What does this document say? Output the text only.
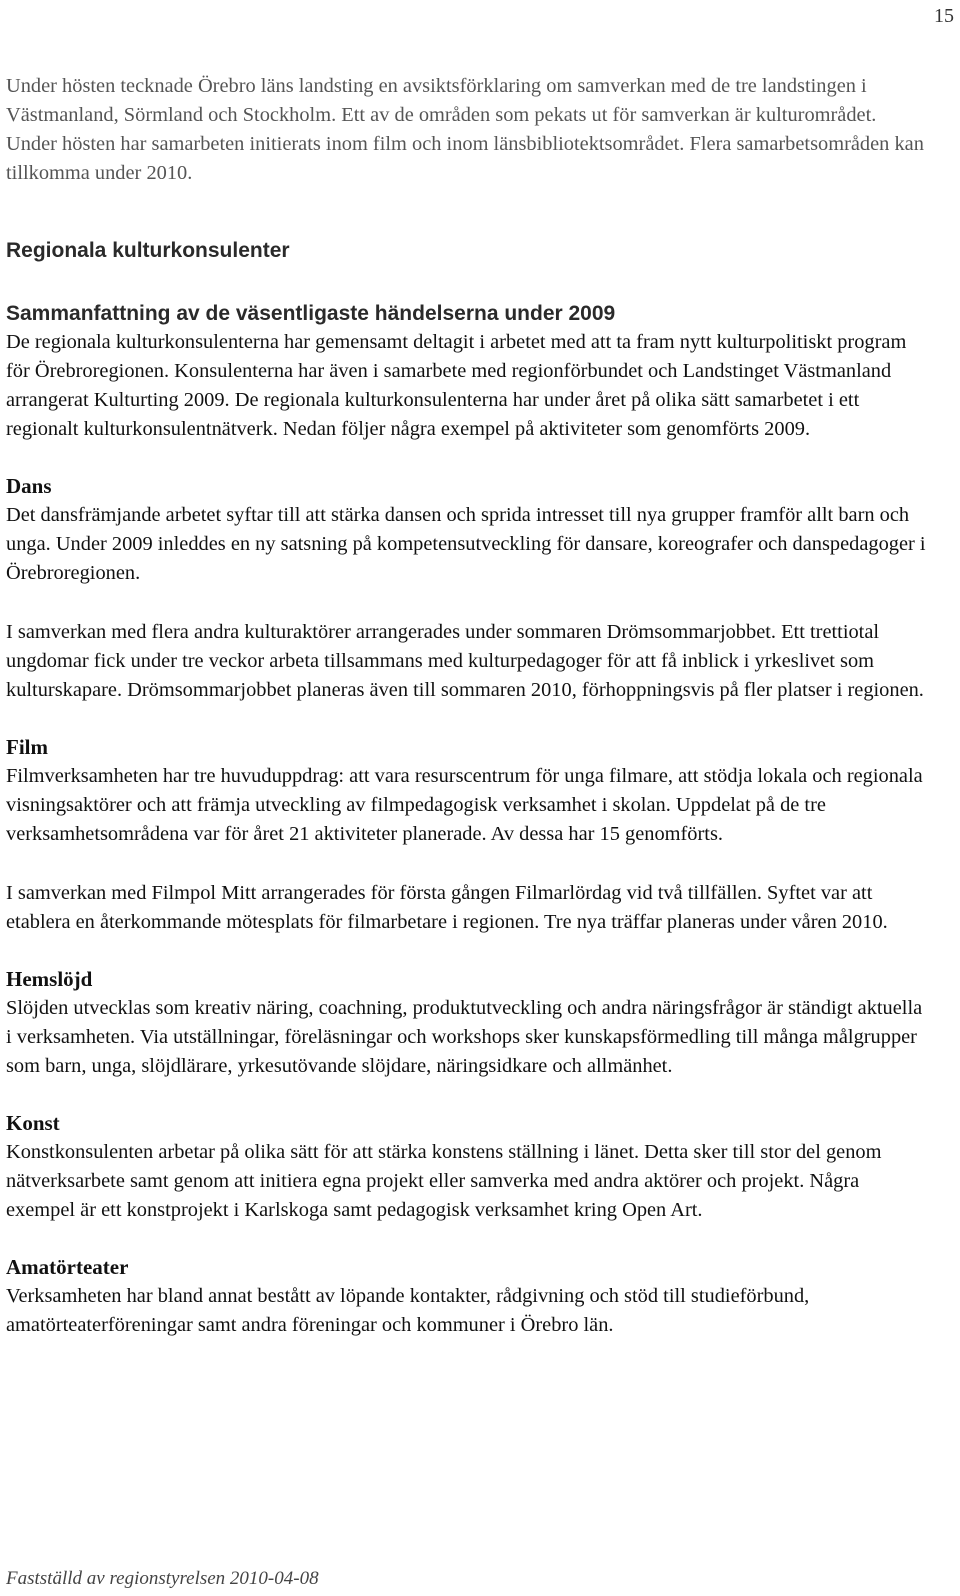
15

Under hösten tecknade Örebro läns landsting en avsiktsförklaring om samverkan med de tre landstingen i Västmanland, Sörmland och Stockholm. Ett av de områden som pekats ut för samverkan är kulturområdet. Under hösten har samarbeten initierats inom film och inom länsbibliotektsområdet. Flera samarbetsområden kan tillkomma under 2010.

Regionala kulturkonsulenter
Sammanfattning av de väsentligaste händelserna under 2009

De regionala kulturkonsulenterna har gemensamt deltagit i arbetet med att ta fram nytt kulturpolitiskt program för Örebroregionen. Konsulenterna har även i samarbete med regionförbundet och Landstinget Västmanland arrangerat Kulturting 2009. De regionala kulturkonsulenterna har under året på olika sätt samarbetet i ett regionalt kulturkonsulentnätverk. Nedan följer några exempel på aktiviteter som genomförts 2009.

Dans

Det dansfrämjande arbetet syftar till att stärka dansen och sprida intresset till nya grupper framför allt barn och unga. Under 2009 inleddes en ny satsning på kompetensutveckling för dansare, koreografer och danspedagoger i Örebroregionen.

I samverkan med flera andra kulturaktörer arrangerades under sommaren Drömsommarjobbet. Ett trettiotal ungdomar fick under tre veckor arbeta tillsammans med kulturpedagoger för att få inblick i yrkeslivet som kulturskapare. Drömsommarjobbet planeras även till sommaren 2010, förhoppningsvis på fler platser i regionen.

Film

Filmverksamheten har tre huvuduppdrag: att vara resurscentrum för unga filmare, att stödja lokala och regionala visningsaktörer och att främja utveckling av filmpedagogisk verksamhet i skolan. Uppdelat på de tre verksamhetsområdena var för året 21 aktiviteter planerade. Av dessa har 15 genomförts.

I samverkan med Filmpol Mitt arrangerades för första gången Filmarlördag vid två tillfällen. Syftet var att etablera en återkommande mötesplats för filmarbetare i regionen. Tre nya träffar planeras under våren 2010.

Hemslöjd

Slöjden utvecklas som kreativ näring, coachning, produktutveckling och andra näringsfrågor är ständigt aktuella i verksamheten. Via utställningar, föreläsningar och workshops sker kunskapsförmedling till många målgrupper som barn, unga, slöjdlärare, yrkesutövande slöjdare, näringsidkare och allmänhet.

Konst

Konstkonsulenten arbetar på olika sätt för att stärka konstens ställning i länet. Detta sker till stor del genom nätverksarbete samt genom att initiera egna projekt eller samverka med andra aktörer och projekt. Några exempel är ett konstprojekt i Karlskoga samt pedagogisk verksamhet kring Open Art.

Amatörteater

Verksamheten har bland annat bestått av löpande kontakter, rådgivning och stöd till studieförbund, amatörteaterföreningar samt andra föreningar och kommuner i Örebro län.

Fastställd av regionstyrelsen 2010-04-08
